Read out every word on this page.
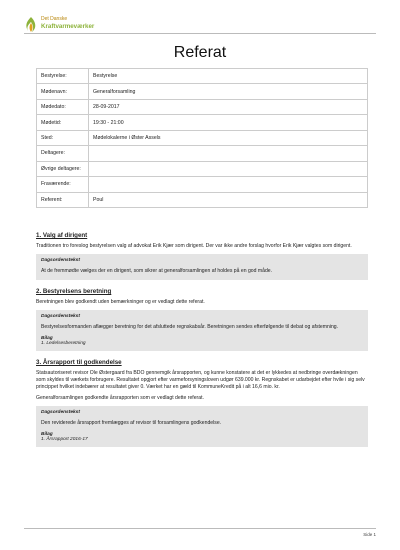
Det Danske
Kraftvarmeværker
Referat
Bestyrelse:	Bestyrelse
Mødenavn:	Generalforsamling
Mødedato:	28-09-2017
Mødetid:	19:30 - 21:00
Sted:	Mødelokalerne i Øster Assels
Deltagere:	
Øvrige deltagere:	
Fraværende:	
Referent:	Poul
1. Valg af dirigent
Traditionen tro foreslog bestyrelsen valg af advokat Erik Kjær som dirigent. Der var ikke andre forslag hvorfor Erik Kjær valgtes som dirigent.
Dagsordenstekst
At de fremmødte vælges der en dirigent, som sikrer at generalforsamlingen af holdes på en god måde.
2. Bestyrelsens beretning
Beretningen blev godkendt uden bemærkninger og er vedlagt dette referat.
Dagsordenstekst
Bestyrelsesformanden aflægger beretning for det afsluttede regnskabsår. Beretningen sendes efterfølgende til debat og afstemning.
Bilag
1. Ledelsesberetning
3. Årsrapport til godkendelse
Statsautoriseret revisor Ole Østergaard fra BDO gennemgik årsrapporten, og kunne konstatere at det er lykkedes at nedbringe overdækningen som skyldes til værkets forbrugere. Resultatet opgjort efter varmeforsyningsloven udgør 639.000 kr. Regnskabet er udarbejdet efter hvile i sig selv princippet hvilket indebærer at resultatet giver 0. Værket har en gæld til KommuneKredit på i alt 16,6 mio. kr.
Generalforsamlingen godkendte årsrapporten som er vedlagt dette referat.
Dagsordenstekst
Den reviderede årsrapport fremlægges af revisor til forsamlingens godkendelse.
Bilag
1. Årsrapport 2016-17
Side 1
